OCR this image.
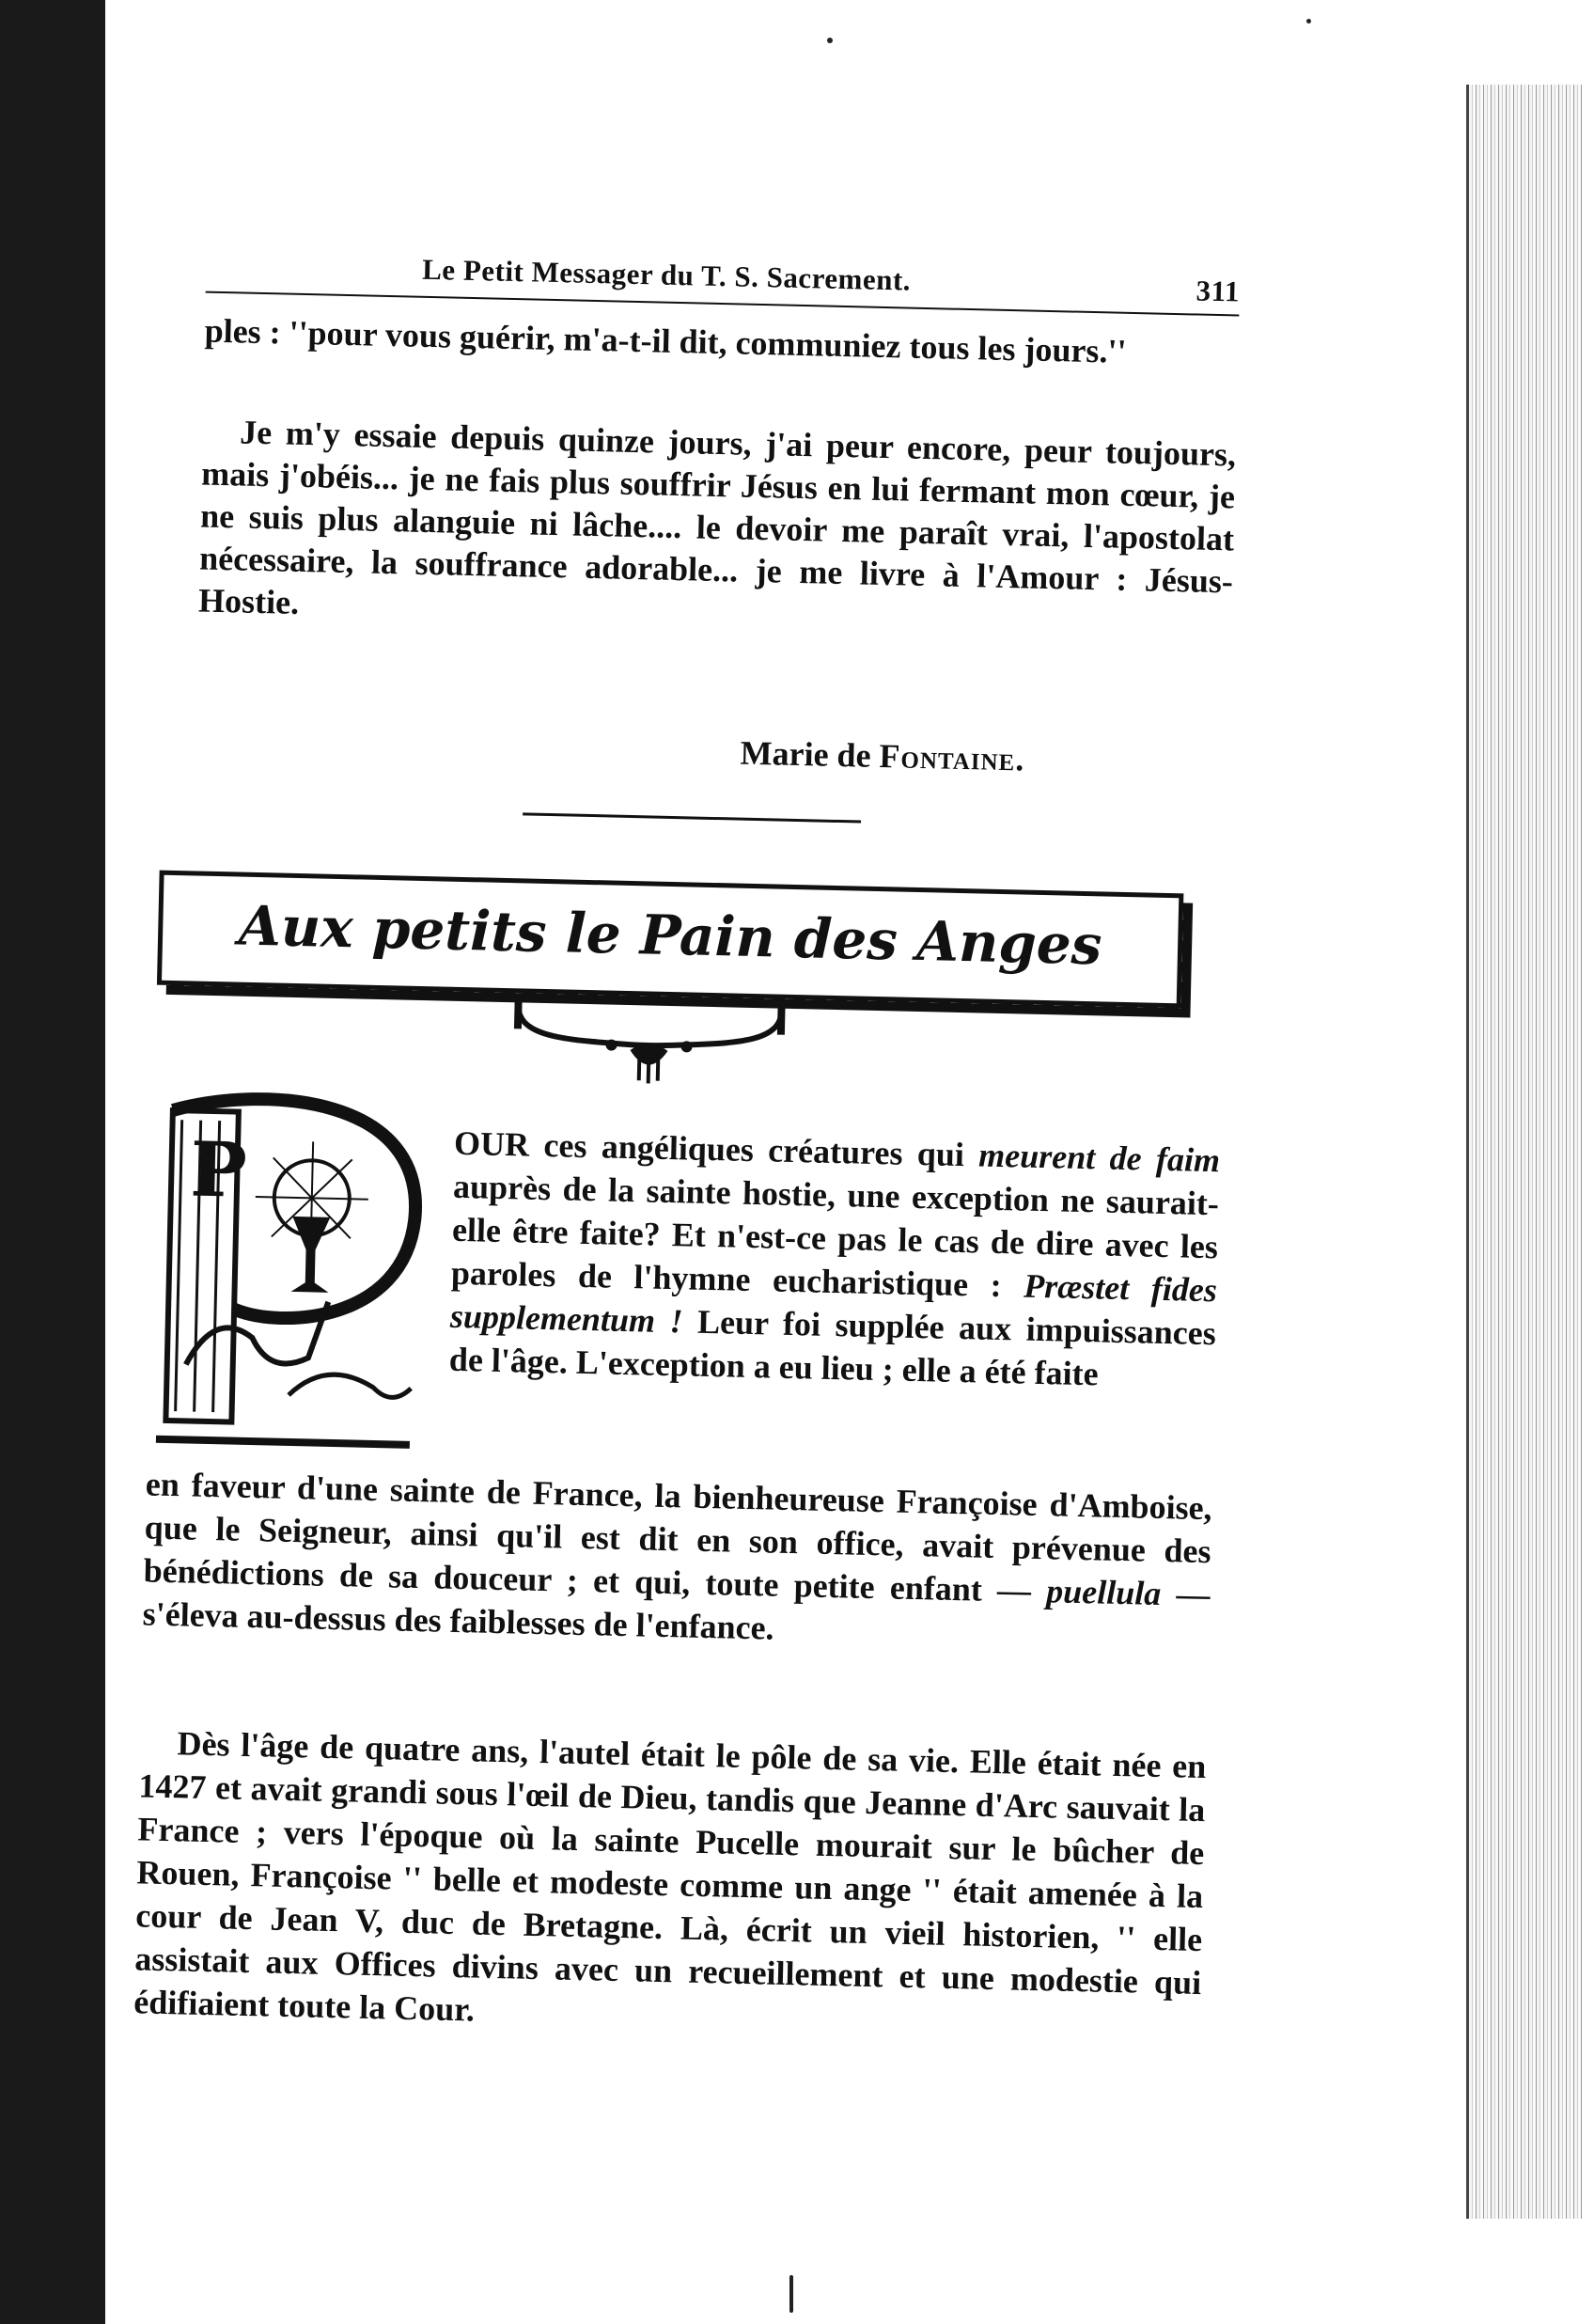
Le Petit Messager du T. S. Sacrement.	311

ples : ''pour vous guérir, m'a-t-il dit, communiez tous les jours.''

Je m'y essaie depuis quinze jours, j'ai peur encore, peur toujours, mais j'obéis... je ne fais plus souffrir Jésus en lui fermant mon cœur, je ne suis plus alanguie ni lâche.... le devoir me paraît vrai, l'apostolat nécessaire, la souffrance adorable... je me livre à l'Amour : Jésus-Hostie.

Marie de Fontaine.
Aux petits le Pain des Anges
P	OUR ces angéliques créatures qui meurent de faim auprès de la sainte hostie, une exception ne saurait-elle être faite? Et n'est-ce pas le cas de dire avec les paroles de l'hymne eucharistique : Præstet fides supplementum ! Leur foi supplée aux impuissances de l'âge. L'exception a eu lieu ; elle a été faite

en faveur d'une sainte de France, la bienheureuse Françoise d'Amboise, que le Seigneur, ainsi qu'il est dit en son office, avait prévenue des bénédictions de sa douceur ; et qui, toute petite enfant — puellula — s'éleva au-dessus des faiblesses de l'enfance.

Dès l'âge de quatre ans, l'autel était le pôle de sa vie. Elle était née en 1427 et avait grandi sous l'œil de Dieu, tandis que Jeanne d'Arc sauvait la France ; vers l'époque où la sainte Pucelle mourait sur le bûcher de Rouen, Françoise '' belle et modeste comme un ange '' était amenée à la cour de Jean V, duc de Bretagne. Là, écrit un vieil historien, '' elle assistait aux Offices divins avec un recueillement et une modestie qui édifiaient toute la Cour.
